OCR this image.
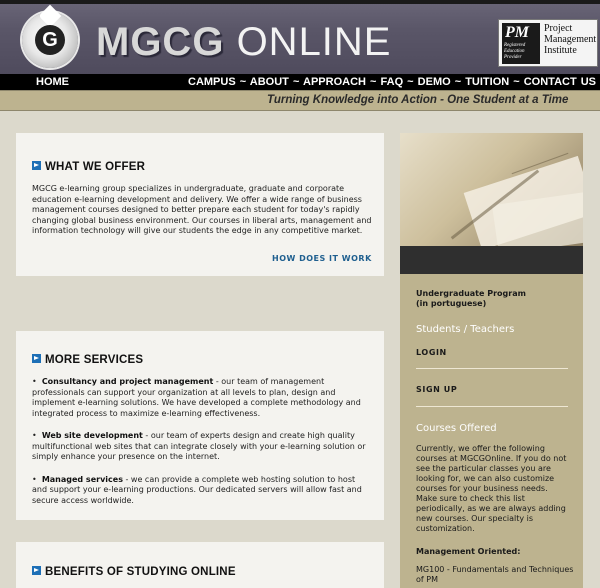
G MGCG ONLINE	PM
Registered Education Provider
Project Management Institute
HOME	CAMPUS ~ ABOUT ~ APPROACH ~ FAQ ~ DEMO ~ TUITION ~ CONTACT US
Turning Knowledge into Action - One Student at a Time
WHAT WE OFFER

MGCG e-learning group specializes in undergraduate, graduate and corporate education e-learning development and delivery. We offer a wide range of business management courses designed to better prepare each student for today's rapidly changing global business environment. Our courses in liberal arts, management and information technology will give our students the edge in any competitive market.

HOW DOES IT WORK
MORE SERVICES
•  Consultancy and project management - our team of management professionals can support your organization at all levels to plan, design and implement e-learning solutions. We have developed a complete methodology and integrated process to maximize e-learning effectiveness.
•  Web site development - our team of experts design and create high quality multifunctional web sites that can integrate closely with your e-learning solution or simply enhance your presence on the internet.
•  Managed services - we can provide a complete web hosting solution to host and support your e-learning productions. Our dedicated servers will allow fast and secure access worldwide.
BENEFITS OF STUDYING ONLINE
Undergraduate Program
(in portuguese)
Students / Teachers
LOGIN
SIGN UP
Courses Offered
Currently, we offer the following courses at MGCGOnline. If you do not see the particular classes you are looking for, we can also customize courses for your business needs.
Make sure to check this list periodically, as we are always adding new courses. Our specialty is customization.
Management Oriented:
MG100 - Fundamentals and Techniques of PM
